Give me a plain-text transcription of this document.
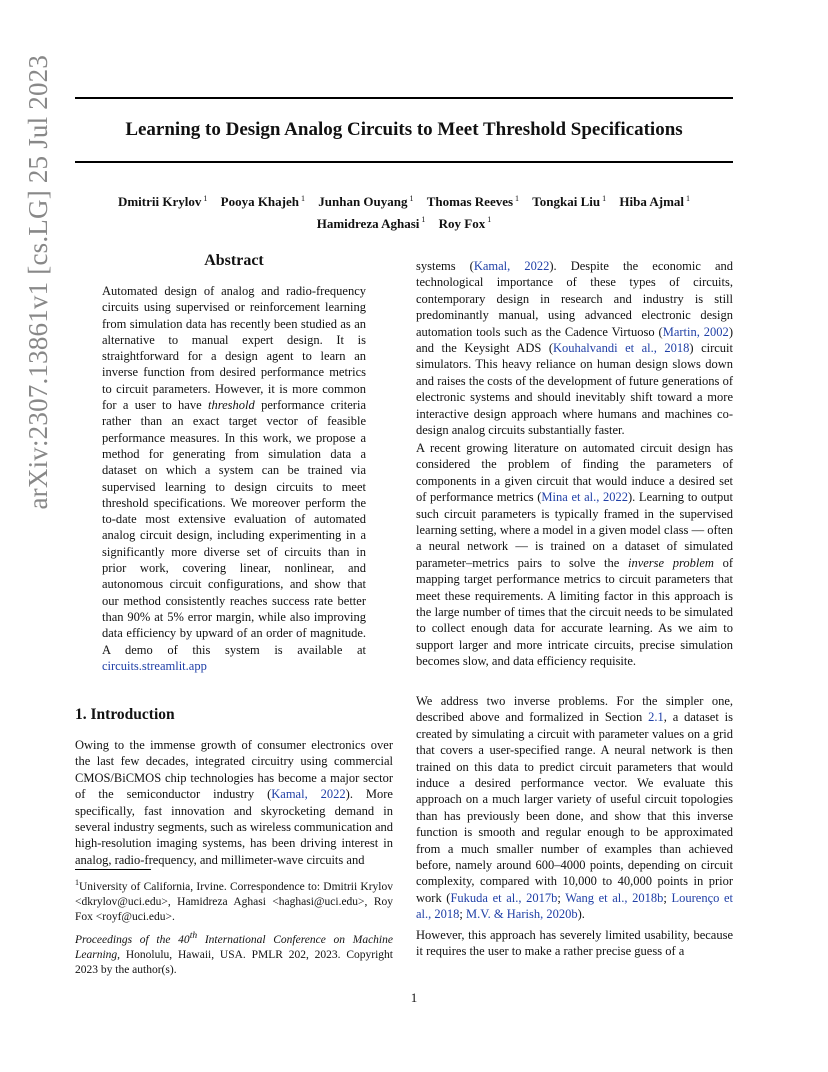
Learning to Design Analog Circuits to Meet Threshold Specifications
Dmitrii Krylov $^1$ Pooya Khajeh $^1$ Junhan Ouyang $^1$ Thomas Reeves $^1$ Tongkai Liu $^1$ Hiba Ajmal $^1$
Hamidreza Aghasi $^1$ Roy Fox $^1$
arXiv:2307.13861v1 [cs.LG] 25 Jul 2023	Abstract
Automated design of analog and radio-frequency circuits using supervised or reinforcement learning from simulation data has recently been studied as an alternative to manual expert design. It is straightforward for a design agent to learn an inverse function from desired performance metrics to circuit parameters. However, it is more common for a user to have threshold performance criteria rather than an exact target vector of feasible performance measures. In this work, we propose a method for generating from simulation data a dataset on which a system can be trained via supervised learning to design circuits to meet threshold specifications. We moreover perform the to-date most extensive evaluation of automated analog circuit design, including experimenting in a significantly more diverse set of circuits than in prior work, covering linear, nonlinear, and autonomous circuit configurations, and show that our method consistently reaches success rate better than 90% at 5% error margin, while also improving data efficiency by upward of an order of magnitude. A demo of this system is available at circuits.streamlit.app
1. Introduction

Owing to the immense growth of consumer electronics over the last few decades, integrated circuitry using commercial CMOS/BiCMOS chip technologies has become a major sector of the semiconductor industry (Kamal, 2022). More specifically, fast innovation and skyrocketing demand in several industry segments, such as wireless communication and high-resolution imaging systems, has been driving interest in analog, radio-frequency, and millimeter-wave circuits and

$^1$University of California, Irvine. Correspondence to: Dmitrii Krylov <dkrylov@uci.edu>, Hamidreza Aghasi <haghasi@uci.edu>, Roy Fox <royf@uci.edu>.
Proceedings of the 40th International Conference on Machine Learning, Honolulu, Hawaii, USA. PMLR 202, 2023. Copyright 2023 by the author(s).

systems (Kamal, 2022). Despite the economic and technological importance of these types of circuits, contemporary design in research and industry is still predominantly manual, using advanced electronic design automation tools such as the Cadence Virtuoso (Martin, 2002) and the Keysight ADS (Kouhalvandi et al., 2018) circuit simulators. This heavy reliance on human design slows down and raises the costs of the development of future generations of electronic systems and should inevitably shift toward a more interactive design approach where humans and machines co-design analog circuits substantially faster.

A recent growing literature on automated circuit design has considered the problem of finding the parameters of components in a given circuit that would induce a desired set of performance metrics (Mina et al., 2022). Learning to output such circuit parameters is typically framed in the supervised learning setting, where a model in a given model class — often a neural network — is trained on a dataset of simulated parameter–metrics pairs to solve the inverse problem of mapping target performance metrics to circuit parameters that meet these requirements. A limiting factor in this approach is the large number of times that the circuit needs to be simulated to collect enough data for accurate learning. As we aim to support larger and more intricate circuits, precise simulation becomes slow, and data efficiency requisite.

We address two inverse problems. For the simpler one, described above and formalized in Section 2.1, a dataset is created by simulating a circuit with parameter values on a grid that covers a user-specified range. A neural network is then trained on this data to predict circuit parameters that would induce a desired performance vector. We evaluate this approach on a much larger variety of useful circuit topologies than has previously been done, and show that this inverse function is smooth and regular enough to be approximated from a much smaller number of examples than achieved before, namely around 600–4000 points, depending on circuit complexity, compared with 10,000 to 40,000 points in prior work (Fukuda et al., 2017b; Wang et al., 2018b; Lourenço et al., 2018; M.V. & Harish, 2020b).

However, this approach has severely limited usability, because it requires the user to make a rather precise guess of a

1
